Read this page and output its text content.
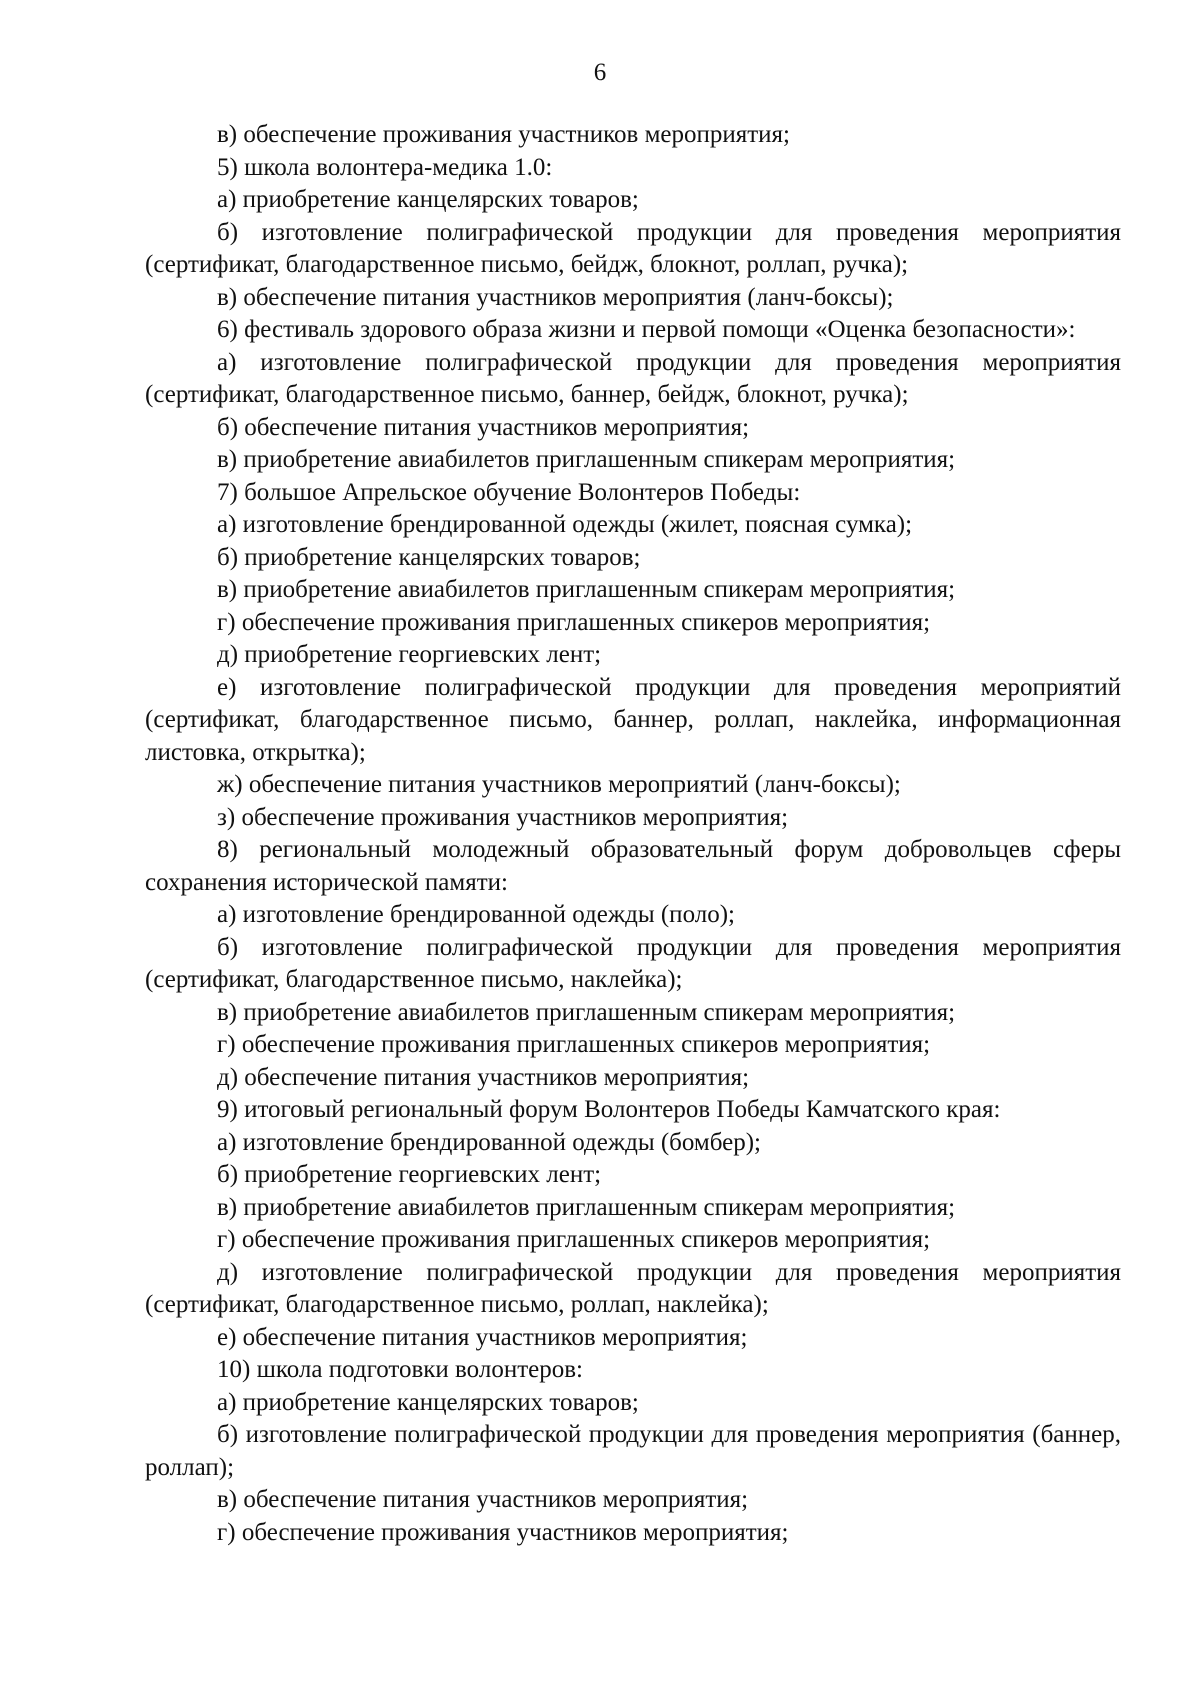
6

в) обеспечение проживания участников мероприятия;

5) школа волонтера-медика 1.0:

а) приобретение канцелярских товаров;

б) изготовление полиграфической продукции для проведения мероприятия (сертификат, благодарственное письмо, бейдж, блокнот, роллап, ручка);

в) обеспечение питания участников мероприятия (ланч-боксы);

6) фестиваль здорового образа жизни и первой помощи «Оценка безопасности»:

а) изготовление полиграфической продукции для проведения мероприятия (сертификат, благодарственное письмо, баннер, бейдж, блокнот, ручка);

б) обеспечение питания участников мероприятия;

в) приобретение авиабилетов приглашенным спикерам мероприятия;

7) большое Апрельское обучение Волонтеров Победы:

а) изготовление брендированной одежды (жилет, поясная сумка);

б) приобретение канцелярских товаров;

в) приобретение авиабилетов приглашенным спикерам мероприятия;

г) обеспечение проживания приглашенных спикеров мероприятия;

д) приобретение георгиевских лент;

е) изготовление полиграфической продукции для проведения мероприятий (сертификат, благодарственное письмо, баннер, роллап, наклейка, информационная листовка, открытка);

ж) обеспечение питания участников мероприятий (ланч-боксы);

з) обеспечение проживания участников мероприятия;

8) региональный молодежный образовательный форум добровольцев сферы сохранения исторической памяти:

а) изготовление брендированной одежды (поло);

б) изготовление полиграфической продукции для проведения мероприятия (сертификат, благодарственное письмо, наклейка);

в) приобретение авиабилетов приглашенным спикерам мероприятия;

г) обеспечение проживания приглашенных спикеров мероприятия;

д) обеспечение питания участников мероприятия;

9) итоговый региональный форум Волонтеров Победы Камчатского края:

а) изготовление брендированной одежды (бомбер);

б) приобретение георгиевских лент;

в) приобретение авиабилетов приглашенным спикерам мероприятия;

г) обеспечение проживания приглашенных спикеров мероприятия;

д) изготовление полиграфической продукции для проведения мероприятия (сертификат, благодарственное письмо, роллап, наклейка);

е) обеспечение питания участников мероприятия;

10) школа подготовки волонтеров:

а) приобретение канцелярских товаров;

б) изготовление полиграфической продукции для проведения мероприятия (баннер, роллап);

в) обеспечение питания участников мероприятия;

г) обеспечение проживания участников мероприятия;
